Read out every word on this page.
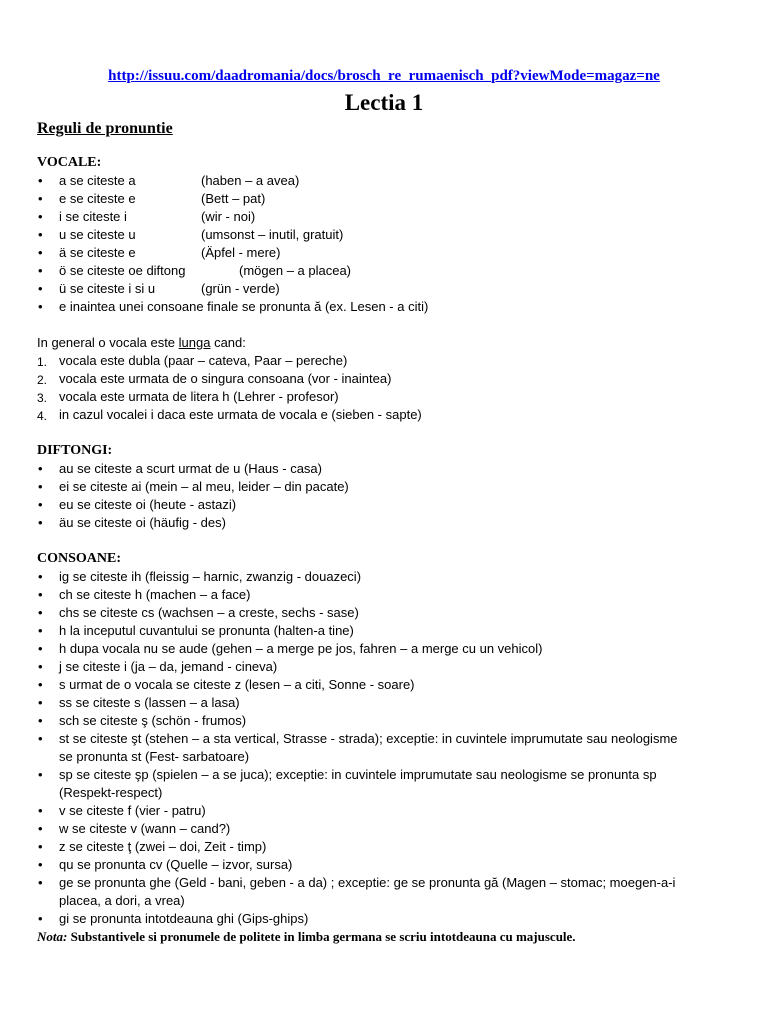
http://issuu.com/daadromania/docs/brosch_re_rumaenisch_pdf?viewMode=magaz=ne
Lectia 1
Reguli de pronuntie
VOCALE:
• a se citeste a	(haben – a avea)
• e se citeste e	(Bett – pat)
• i se citeste i	(wir - noi)
• u se citeste u	(umsonst – inutil, gratuit)
• ä se citeste e	(Äpfel - mere)
• ö se citeste oe diftong	(mögen – a placea)
• ü se citeste i si u	(grün - verde)
• e inaintea unei consoane finale se pronunta ă (ex. Lesen - a citi)
In general o vocala este lunga cand:
1. vocala este dubla (paar – cateva, Paar – pereche)
2. vocala este urmata de o singura consoana (vor - inaintea)
3. vocala este urmata de litera h (Lehrer - profesor)
4. in cazul vocalei i daca este urmata de vocala e (sieben - sapte)
DIFTONGI:
• au se citeste a scurt urmat de u (Haus - casa)
• ei se citeste ai (mein – al meu, leider – din pacate)
• eu se citeste oi (heute - astazi)
• äu se citeste oi (häufig - des)
CONSOANE:
• ig se citeste ih (fleissig – harnic, zwanzig - douazeci)
• ch se citeste h (machen – a face)
• chs se citeste cs (wachsen – a creste, sechs - sase)
• h la inceputul cuvantului se pronunta (halten-a tine)
• h dupa vocala nu se aude (gehen – a merge pe jos, fahren – a merge cu un vehicol)
• j se citeste i (ja – da, jemand - cineva)
• s urmat de o vocala se citeste z (lesen – a citi, Sonne - soare)
• ss se citeste s (lassen – a lasa)
• sch se citeste ş (schön - frumos)
• st se citeste şt (stehen – a sta vertical, Strasse - strada); exceptie: in cuvintele imprumutate sau neologisme
se pronunta st (Fest- sarbatoare)
• sp se citeste şp (spielen – a se juca); exceptie: in cuvintele imprumutate sau neologisme se pronunta sp
(Respekt-respect)
• v se citeste f (vier - patru)
• w se citeste v (wann – cand?)
• z se citeste ţ (zwei – doi, Zeit - timp)
• qu se pronunta cv (Quelle – izvor, sursa)
• ge se pronunta ghe (Geld - bani, geben - a da) ; exceptie: ge se pronunta gă (Magen – stomac; moegen-a-i
placea, a dori, a vrea)
• gi se pronunta intotdeauna ghi (Gips-ghips)
Nota: Substantivele si pronumele de politete in limba germana se scriu intotdeauna cu majuscule.
